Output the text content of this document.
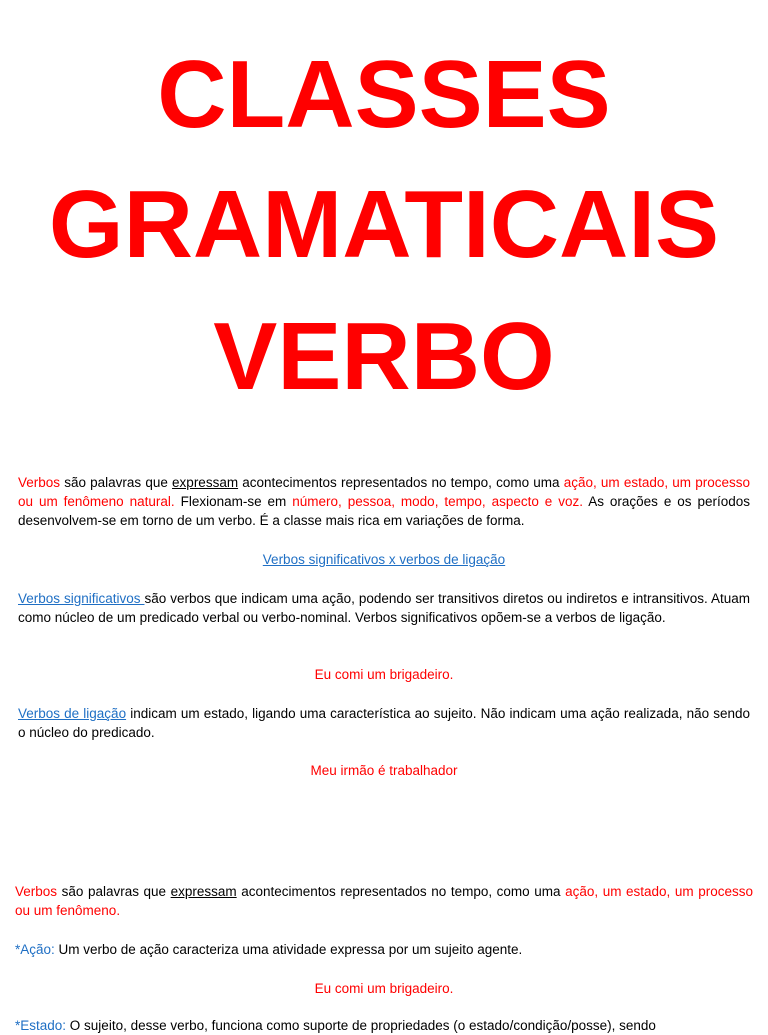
CLASSES
GRAMATICAIS
VERBO

Verbos são palavras que expressam acontecimentos representados no tempo, como uma ação, um estado, um processo ou um fenômeno natural. Flexionam-se em número, pessoa, modo, tempo, aspecto e voz. As orações e os períodos desenvolvem-se em torno de um verbo. É a classe mais rica em variações de forma.

Verbos significativos x verbos de ligação

Verbos significativos são verbos que indicam uma ação, podendo ser transitivos diretos ou indiretos e intransitivos. Atuam como núcleo de um predicado verbal ou verbo-nominal. Verbos significativos opõem-se a verbos de ligação.

Eu comi um brigadeiro.

Verbos de ligação indicam um estado, ligando uma característica ao sujeito. Não indicam uma ação realizada, não sendo o núcleo do predicado.

Meu irmão é trabalhador

Verbos são palavras que expressam acontecimentos representados no tempo, como uma ação, um estado, um processo ou um fenômeno.

*Ação: Um verbo de ação caracteriza uma atividade expressa por um sujeito agente.

Eu comi um brigadeiro.

*Estado: O sujeito, desse verbo, funciona como suporte de propriedades (o estado/condição/posse), sendo
